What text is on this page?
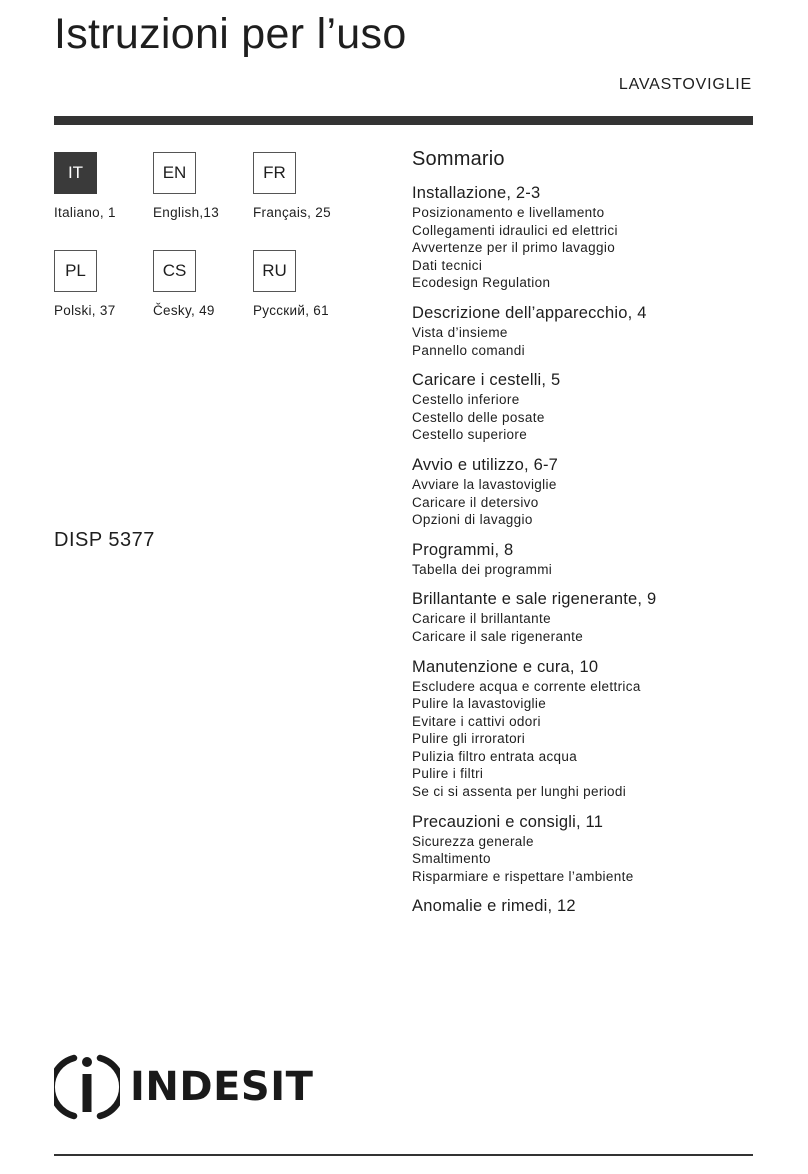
Istruzioni per l’uso
LAVASTOVIGLIE
IT
Italiano, 1
EN
English,13
FR
Français, 25
PL
Polski, 37
CS
Česky, 49
RU
Русский, 61
DISP 5377
Sommario
Installazione, 2-3
Posizionamento e livellamento
Collegamenti idraulici ed elettrici
Avvertenze per il primo lavaggio
Dati tecnici
Ecodesign Regulation
Descrizione dell’apparecchio, 4
Vista d’insieme
Pannello comandi
Caricare i cestelli, 5
Cestello inferiore
Cestello delle posate
Cestello superiore
Avvio e utilizzo, 6-7
Avviare la lavastoviglie
Caricare il detersivo
Opzioni di lavaggio
Programmi, 8
Tabella dei programmi
Brillantante e sale rigenerante, 9
Caricare il brillantante
Caricare il sale rigenerante
Manutenzione e cura, 10
Escludere acqua e corrente elettrica
Pulire la lavastoviglie
Evitare i cattivi odori
Pulire gli irroratori
Pulizia filtro entrata acqua
Pulire i filtri
Se ci si assenta per lunghi periodi
Precauzioni e consigli, 11
Sicurezza generale
Smaltimento
Risparmiare e rispettare l’ambiente
Anomalie e rimedi, 12
INDESIT
